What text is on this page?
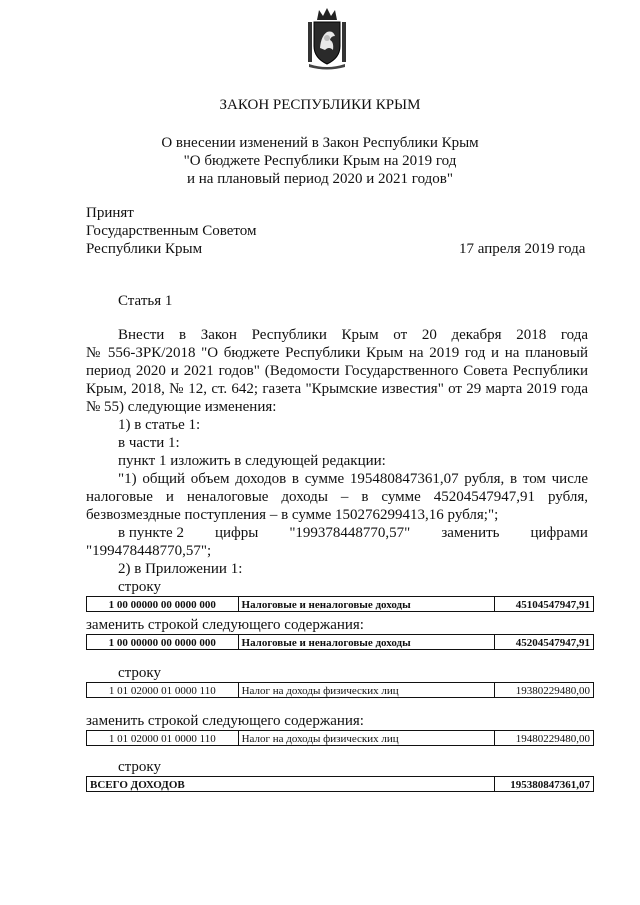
ЗАКОН РЕСПУБЛИКИ КРЫМ
О внесении изменений в Закон Республики Крым
"О бюджете Республики Крым на 2019 год
и на плановый период 2020 и 2021 годов"
Принят
Государственным Советом
Республики Крым	17 апреля 2019 года
Статья 1
Внести в Закон Республики Крым от 20 декабря 2018 года
№ 556-ЗРК/2018 "О бюджете Республики Крым на 2019 год и на плановый
период 2020 и 2021 годов" (Ведомости Государственного Совета Республики
Крым, 2018, № 12, ст. 642; газета "Крымские известия" от 29 марта 2019 года
№ 55) следующие изменения:
1) в статье 1:
в части 1:
пункт 1 изложить в следующей редакции:
"1) общий объем доходов в сумме 195480847361,07 рубля, в том числе
налоговые и неналоговые доходы – в сумме 45204547947,91 рубля,
безвозмездные поступления – в сумме 150276299413,16 рубля;";
в пункте 2 цифры "199378448770,57" заменить цифрами
"199478448770,57";
2) в Приложении 1:
строку
1 00 00000 00 0000 000	Налоговые и неналоговые доходы	45104547947,91
заменить строкой следующего содержания:
1 00 00000 00 0000 000	Налоговые и неналоговые доходы	45204547947,91
строку
1 01 02000 01 0000 110	Налог на доходы физических лиц	19380229480,00
заменить строкой следующего содержания:
1 01 02000 01 0000 110	Налог на доходы физических лиц	19480229480,00
строку
ВСЕГО ДОХОДОВ	195380847361,07
